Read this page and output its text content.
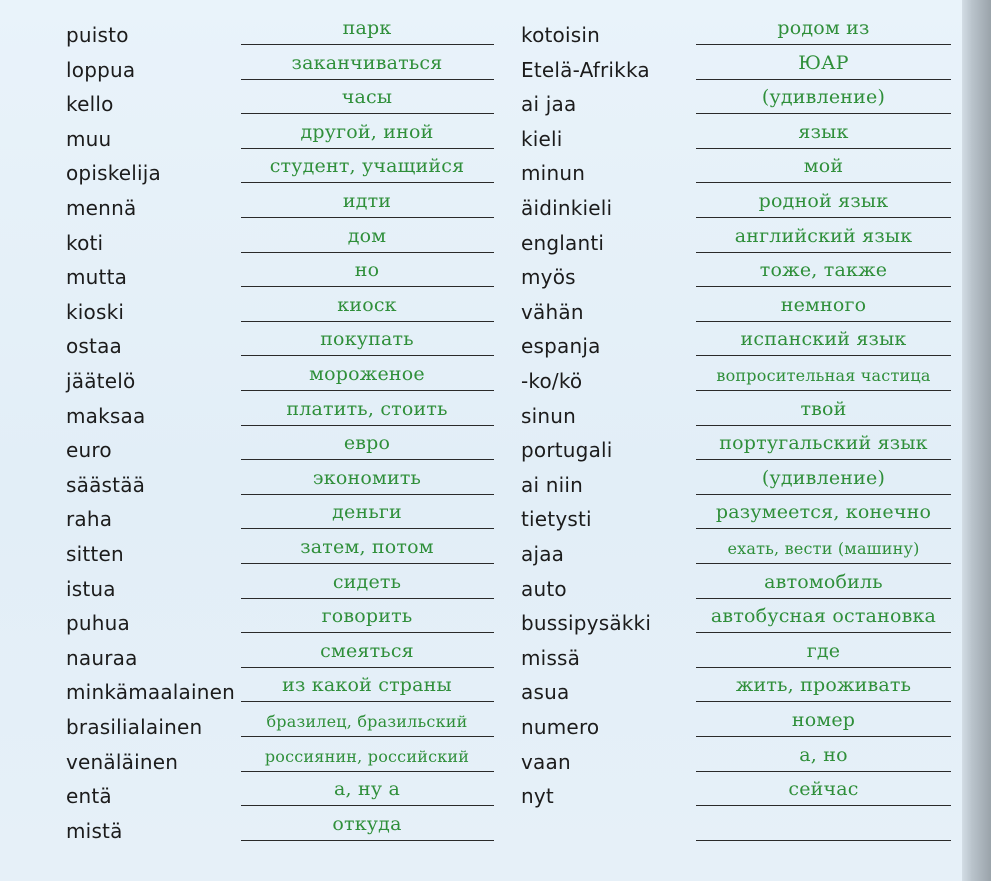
puisto	парк
loppua	заканчиваться
kello	часы
muu	другой, иной
opiskelija	студент, учащийся
mennä	идти
koti	дом
mutta	но
kioski	киоск
ostaa	покупать
jäätelö	мороженое
maksaa	платить, стоить
euro	евро
säästää	экономить
raha	деньги
sitten	затем, потом
istua	сидеть
puhua	говорить
nauraa	смеяться
minkämaalainen	из какой страны
brasilialainen	бразилец, бразильский
venäläinen	россиянин, российский
entä	а, ну а
mistä	откуда
kotoisin	родом из
Etelä-Afrikka	ЮАР
ai jaa	(удивление)
kieli	язык
minun	мой
äidinkieli	родной язык
englanti	английский язык
myös	тоже, также
vähän	немного
espanja	испанский язык
-ko/kö	вопросительная частица
sinun	твой
portugali	португальский язык
ai niin	(удивление)
tietysti	разумеется, конечно
ajaa	ехать, вести (машину)
auto	автомобиль
bussipysäkki	автобусная остановка
missä	где
asua	жить, проживать
numero	номер
vaan	а, но
nyt	сейчас
